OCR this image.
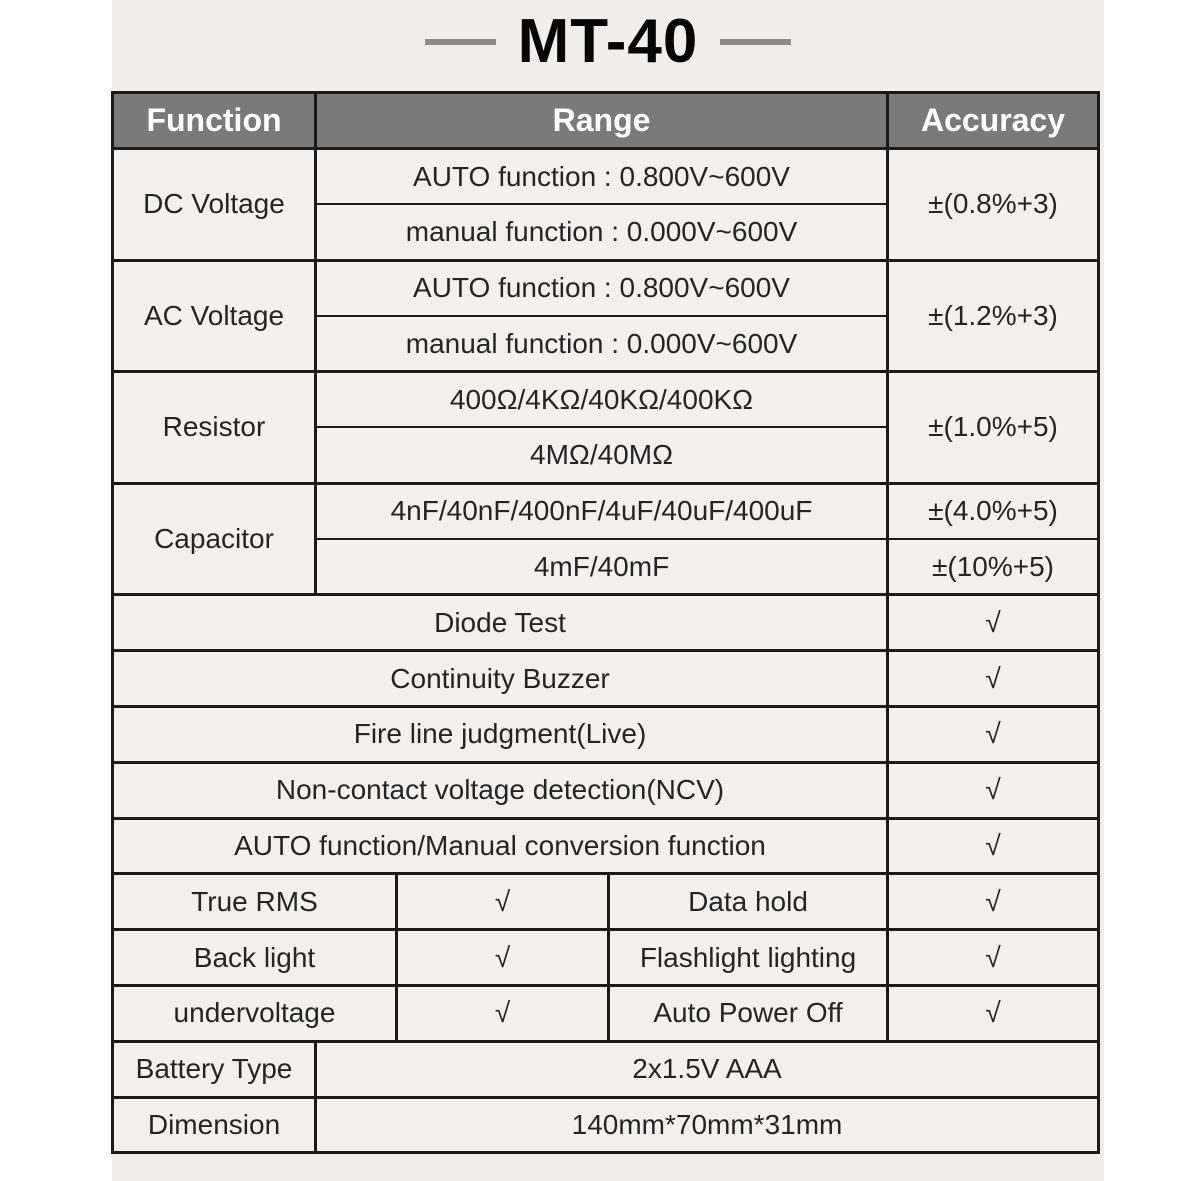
MT-40
Function	Range			Accuracy
DC Voltage	AUTO function : 0.800V~600V			±(0.8%+3)
	manual function : 0.000V~600V			
AC Voltage	AUTO function : 0.800V~600V			±(1.2%+3)
	manual function : 0.000V~600V			
Resistor	400Ω/4KΩ/40KΩ/400KΩ			±(1.0%+5)
	4MΩ/40MΩ			
Capacitor	4nF/40nF/400nF/4uF/40uF/400uF			±(4.0%+5)
	4mF/40mF			±(10%+5)
Diode Test				√
Continuity Buzzer				√
Fire line judgment(Live)				√
Non-contact voltage detection(NCV)				√
AUTO function/Manual conversion function				√
True RMS		√	Data hold	√
Back light		√	Flashlight lighting	√
undervoltage		√	Auto Power Off	√
Battery Type	2x1.5V AAA			
Dimension	140mm*70mm*31mm			
